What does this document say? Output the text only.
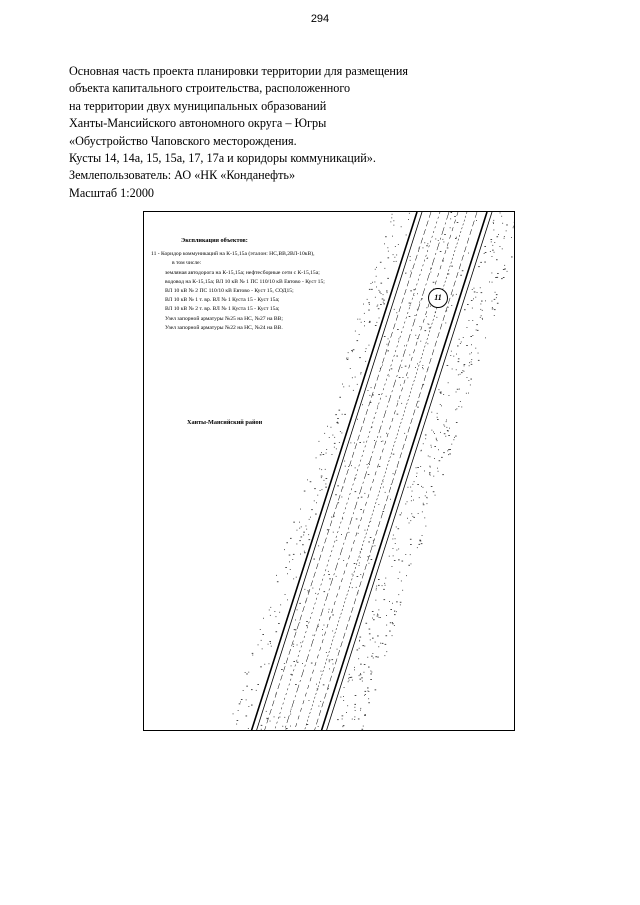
294
Основная часть проекта планировки территории для размещения
объекта капитального строительства, расположенного
на территории двух муниципальных образований
Ханты-Мансийского автономного округа – Югры
«Обустройство Чаповского месторождения.
Кусты 14, 14а, 15, 15а, 17, 17а и коридоры коммуникаций».
Землепользователь: АО «НК «Конданефть»
Масштаб 1:2000
Экспликация объектов:
11 - Коридор коммуникаций на К-15,15а (эталон: НС,ВВ,2ВЛ-10кВ),
в том числе:
земляная автодорога на К-15,15а; нефтесборные сети с К-15,15а;
водовод на К-15,15а; ВЛ 10 кВ № 1 ПС 110/10 кВ Евтово - Куст 15;
ВЛ 10 кВ № 2 ПС 110/10 кВ Евтово - Куст 15, СОД15;
ВЛ 10 кВ № 1 т. вр. ВЛ № 1 Куста 15 - Куст 15а;
ВЛ 10 кВ № 2 т. вр. ВЛ № 1 Куста 15 - Куст 15а;
Узел запорной арматуры №25 на НС, №27 на ВВ;
Узел запорной арматуры №22 на НС, №24 на ВВ.
Ханты-Мансийский район
11
